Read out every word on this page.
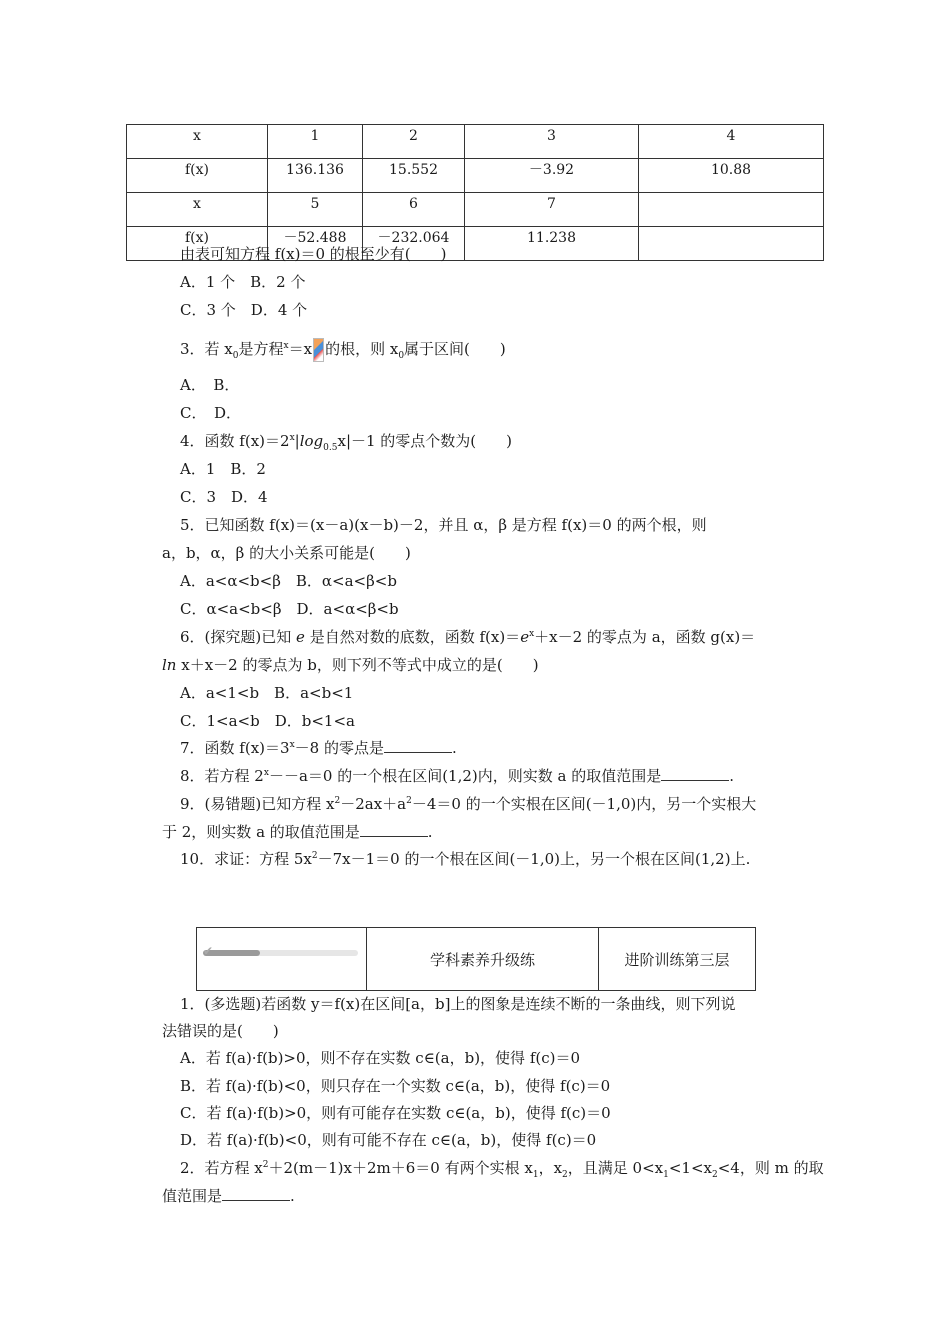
x	1	2	3	4
f(x)	136.136	15.552	－3.92	10.88
x	5	6	7	
f(x)	－52.488	－232.064	11.238	
由表可知方程 f(x)＝0 的根至少有(　　)
A．1 个　B．2 个
C．3 个　D．4 个
3．若 $x_0$是方程$^x$＝x 的根，则 $x_0$属于区间(　　)
A．　B．
C．　D．
4．函数 $f(x)=2^x|\log_{0.5}x|-1$ 的零点个数为(　　)
A．1　B．2
C．3　D．4
5．已知函数 f(x)＝(x－a)(x－b)－2，并且 α，β 是方程 f(x)＝0 的两个根，则
a，b，α，β 的大小关系可能是(　　)
A．a<α<b<β　B．α<a<β<b
C．α<a<b<β　D．a<α<β<b
6．(探究题)已知 e 是自然对数的底数，函数 $f(x)=e^x+x-2$ 的零点为 a，函数 g(x)＝
ln x＋x－2 的零点为 b，则下列不等式中成立的是(　　)
A．a<1<b　B．a<b<1
C．1<a<b　D．b<1<a
7．函数 $f(x)=3^x-8$ 的零点是	.
8．若方程 $2^x--a=0$ 的一个根在区间(1,2)内，则实数 a 的取值范围是	.
9．(易错题)已知方程 $x^2-2ax+a^2-4=0$ 的一个实根在区间(－1,0)内，另一个实根大
于 2，则实数 a 的取值范围是	.
10．求证：方程 $5x^2-7x-1=0$ 的一个根在区间(－1,0)上，另一个根在区间(1,2)上.
✔	学科素养升级练	进阶训练第三层
1．(多选题)若函数 y＝f(x)在区间[a，b]上的图象是连续不断的一条曲线，则下列说
法错误的是(　　)
A．若 f(a)·f(b)>0，则不存在实数 c∈(a，b)，使得 f(c)＝0
B．若 f(a)·f(b)<0，则只存在一个实数 c∈(a，b)，使得 f(c)＝0
C．若 f(a)·f(b)>0，则有可能存在实数 c∈(a，b)，使得 f(c)＝0
D．若 f(a)·f(b)<0，则有可能不存在 c∈(a，b)，使得 f(c)＝0
2．若方程 $x^2+2(m-1)x+2m+6=0$ 有两个实根 $x_1$，$x_2$，且满足 $0<x_1<1<x_2<4$，则 m 的取
值范围是	.
